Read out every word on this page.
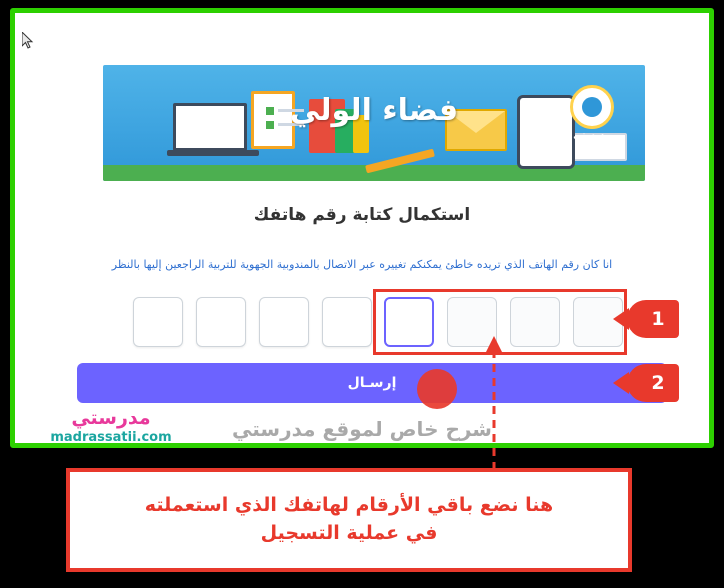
مدرستي
فضاء الولي
استكمال كتابة رقم هاتفك
انا كان رقم الهاتف الذي تريده خاطئ يمكنكم تغييره عبر الاتصال بالمندوبية الجهوية للتربية الراجعين إليها بالنظر
إرسـال
1
2
شرح خاص لموقع مدرستي
مدرستي
madrassatii.com
هنا نضع باقي الأرقام لهاتفك الذي استعملته
في عملية التسجيل
